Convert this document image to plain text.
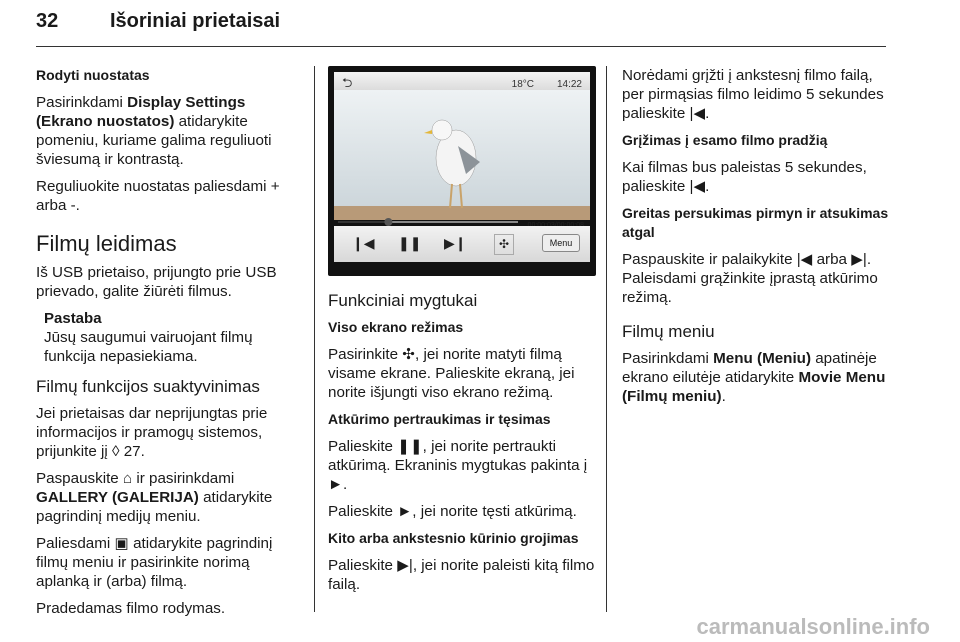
32	Išoriniai prietaisai

Rodyti nuostatas

Pasirinkdami Display Settings (Ekrano nuostatos) atidarykite pomeniu, kuriame galima reguliuoti šviesumą ir kontrastą.

Reguliuokite nuostatas paliesdami + arba -.

Filmų leidimas

Iš USB prietaiso, prijungto prie USB prievado, galite žiūrėti filmus.

Pastaba
Jūsų saugumui vairuojant filmų funkcija nepasiekiama.
Filmų funkcijos suaktyvinimas

Jei prietaisas dar neprijungtas prie informacijos ir pramogų sistemos, prijunkite jį ◊ 27.

Paspauskite ⌂ ir pasirinkdami GALLERY (GALERIJA) atidarykite pagrindinį medijų meniu.

Paliesdami ▣ atidarykite pagrindinį filmų meniu ir pasirinkite norimą aplanką ir (arba) filmą.

Pradedamas filmo rodymas.

⮌	18°C 14:22
❙◀ ❚❚ ▶❙	✣	Menu
Funkciniai mygtukai

Viso ekrano režimas

Pasirinkite ✣, jei norite matyti filmą visame ekrane. Palieskite ekraną, jei norite išjungti viso ekrano režimą.

Atkūrimo pertraukimas ir tęsimas

Palieskite ❚❚, jei norite pertraukti atkūrimą. Ekraninis mygtukas pakinta į ►.

Palieskite ►, jei norite tęsti atkūrimą.

Kito arba ankstesnio kūrinio grojimas

Palieskite ▶|, jei norite paleisti kitą filmo failą.

Norėdami grįžti į ankstesnį filmo failą, per pirmąsias filmo leidimo 5 sekundes palieskite |◀.

Grįžimas į esamo filmo pradžią

Kai filmas bus paleistas 5 sekundes, palieskite |◀.

Greitas persukimas pirmyn ir atsukimas atgal

Paspauskite ir palaikykite |◀ arba ▶|. Paleisdami grąžinkite įprastą atkūrimo režimą.

Filmų meniu

Pasirinkdami Menu (Meniu) apatinėje ekrano eilutėje atidarykite Movie Menu (Filmų meniu).

carmanualsonline.info
